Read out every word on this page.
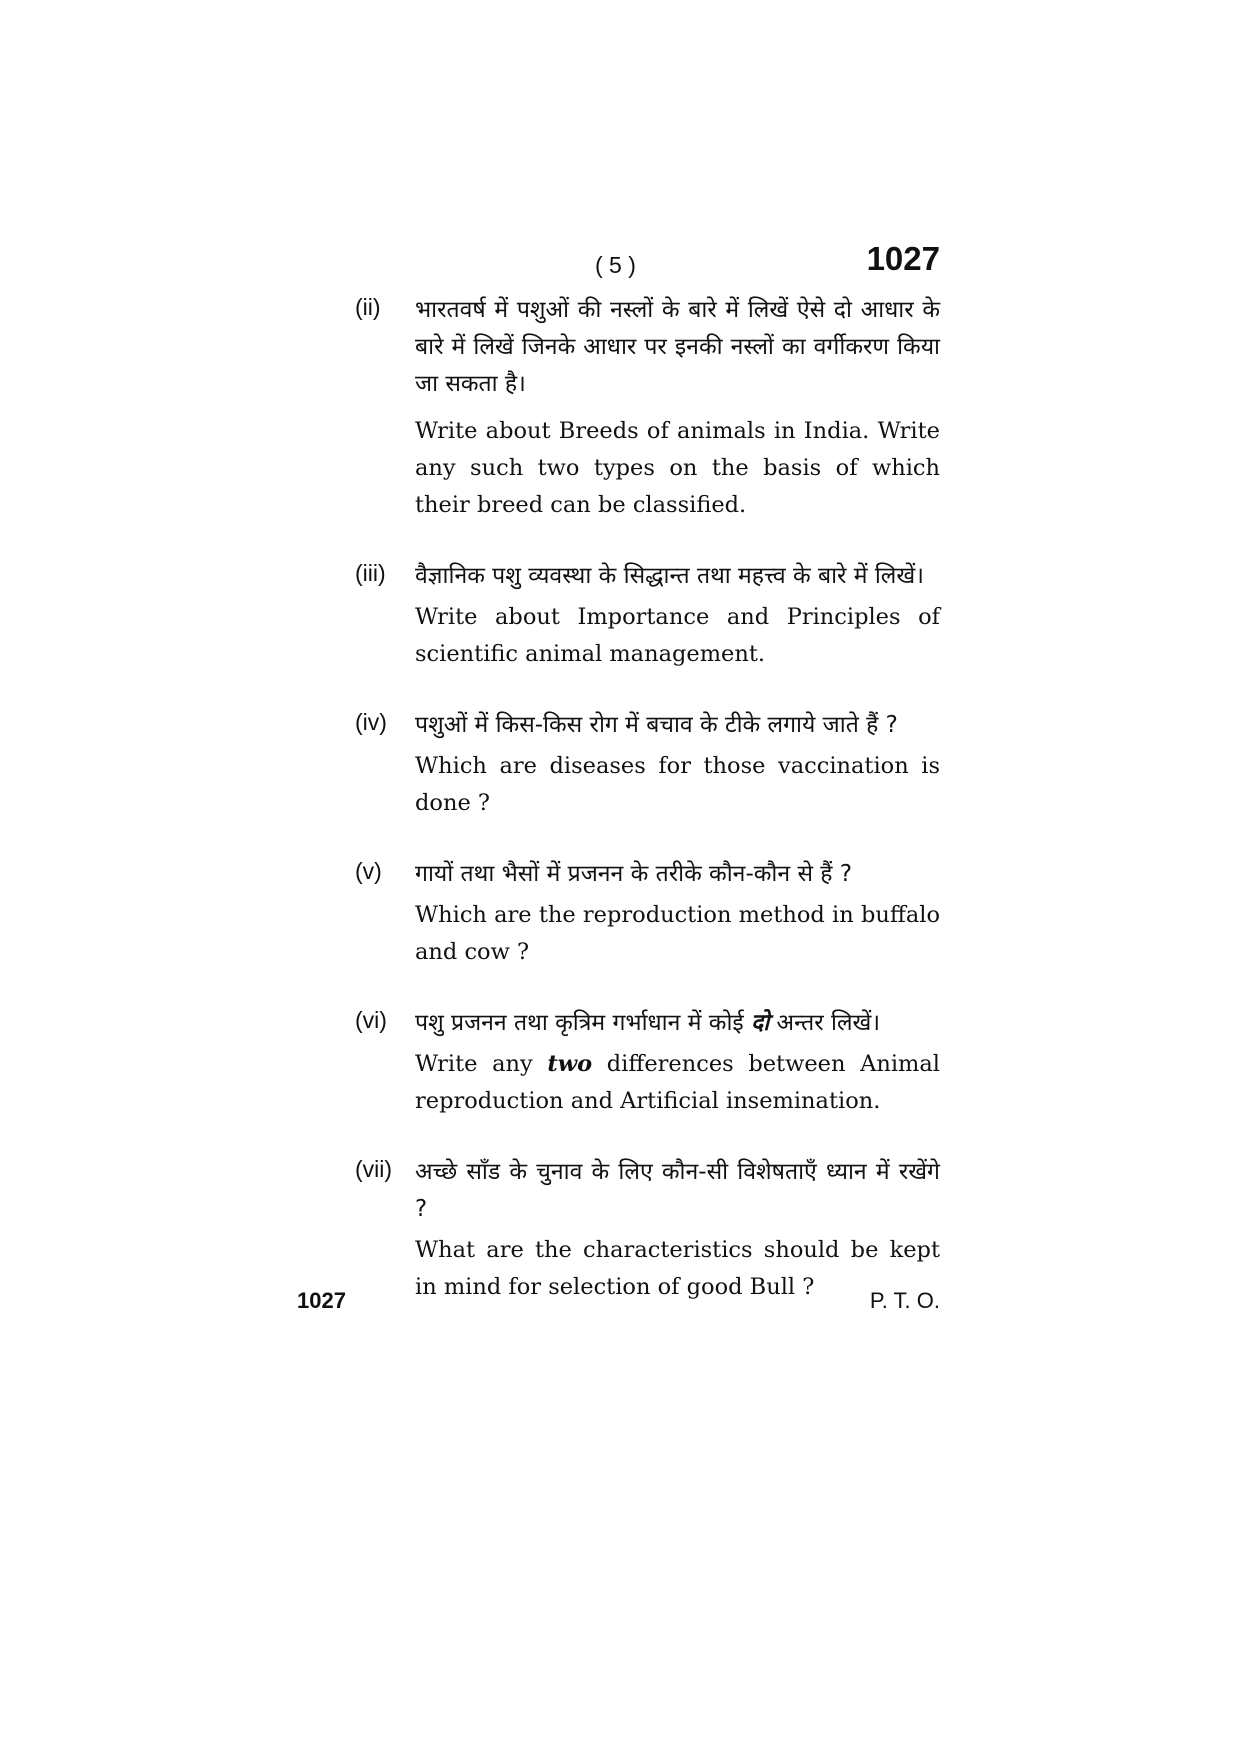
( 5 )	1027
(ii) भारतवर्ष में पशुओं की नस्लों के बारे में लिखें ऐसे दो आधार के बारे में लिखें जिनके आधार पर इनकी नस्लों का वर्गीकरण किया जा सकता है।

Write about Breeds of animals in India. Write any such two types on the basis of which their breed can be classified.

(iii) वैज्ञानिक पशु व्यवस्था के सिद्धान्त तथा महत्त्व के बारे में लिखें।

Write about Importance and Principles of scientific animal management.

(iv) पशुओं में किस-किस रोग में बचाव के टीके लगाये जाते हैं ?

Which are diseases for those vaccination is done ?

(v) गायों तथा भैसों में प्रजनन के तरीके कौन-कौन से हैं ?

Which are the reproduction method in buffalo and cow ?

(vi) पशु प्रजनन तथा कृत्रिम गर्भाधान में कोई दो अन्तर लिखें।

Write any two differences between Animal reproduction and Artificial insemination.

(vii) अच्छे साँड के चुनाव के लिए कौन-सी विशेषताएँ ध्यान में रखेंगे ?

What are the characteristics should be kept in mind for selection of good Bull ?

1027	P. T. O.
